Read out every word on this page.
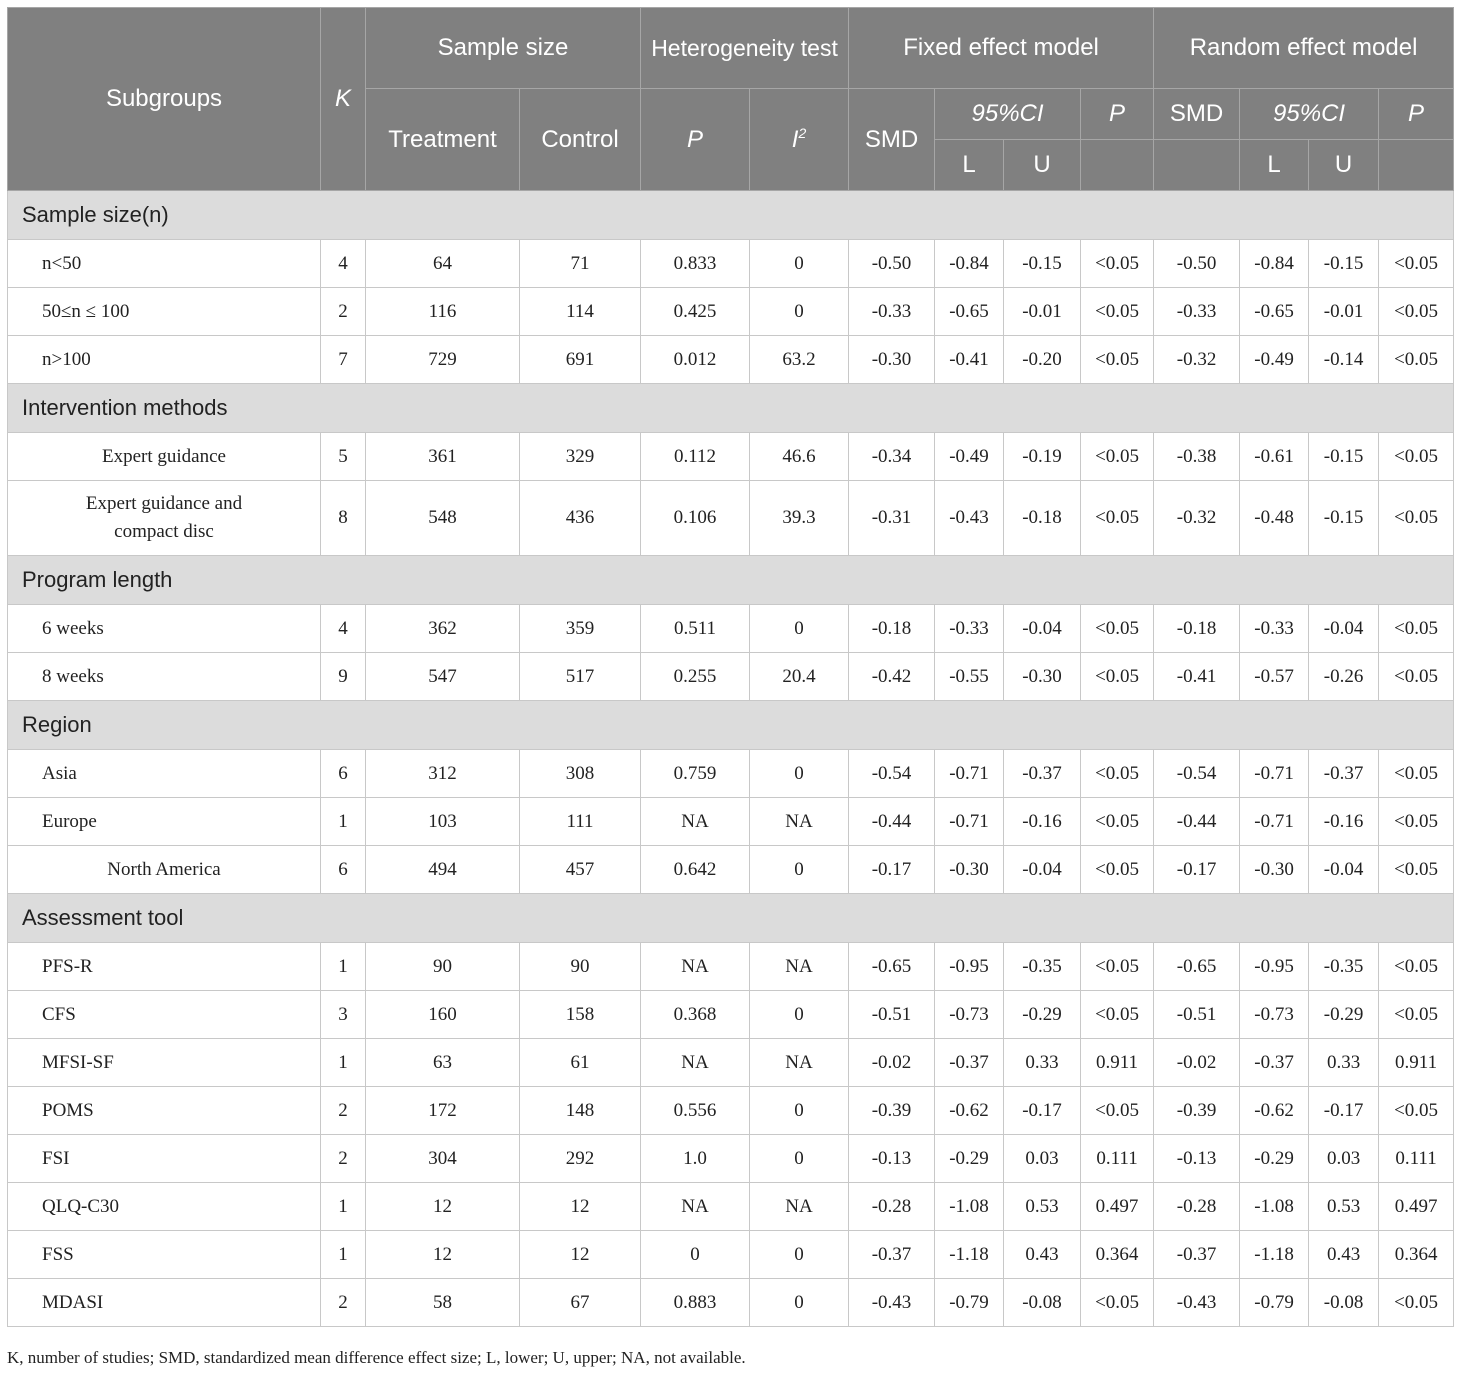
Subgroups	K	Sample size		Heterogeneity test		Fixed effect model				Random effect model			
		Treatment	Control	P	$I^2$	SMD	95%CI		P	SMD	95%CI		P
							L	U			L	U	
Sample size(n)													
n<50	4	64	71	0.833	0	-0.50	-0.84	-0.15	<0.05	-0.50	-0.84	-0.15	<0.05
50≤n ≤ 100	2	116	114	0.425	0	-0.33	-0.65	-0.01	<0.05	-0.33	-0.65	-0.01	<0.05
n>100	7	729	691	0.012	63.2	-0.30	-0.41	-0.20	<0.05	-0.32	-0.49	-0.14	<0.05
Intervention methods													
Expert guidance	5	361	329	0.112	46.6	-0.34	-0.49	-0.19	<0.05	-0.38	-0.61	-0.15	<0.05
Expert guidance and compact disc	8	548	436	0.106	39.3	-0.31	-0.43	-0.18	<0.05	-0.32	-0.48	-0.15	<0.05
Program length													
6 weeks	4	362	359	0.511	0	-0.18	-0.33	-0.04	<0.05	-0.18	-0.33	-0.04	<0.05
8 weeks	9	547	517	0.255	20.4	-0.42	-0.55	-0.30	<0.05	-0.41	-0.57	-0.26	<0.05
Region													
Asia	6	312	308	0.759	0	-0.54	-0.71	-0.37	<0.05	-0.54	-0.71	-0.37	<0.05
Europe	1	103	111	NA	NA	-0.44	-0.71	-0.16	<0.05	-0.44	-0.71	-0.16	<0.05
North America	6	494	457	0.642	0	-0.17	-0.30	-0.04	<0.05	-0.17	-0.30	-0.04	<0.05
Assessment tool													
PFS-R	1	90	90	NA	NA	-0.65	-0.95	-0.35	<0.05	-0.65	-0.95	-0.35	<0.05
CFS	3	160	158	0.368	0	-0.51	-0.73	-0.29	<0.05	-0.51	-0.73	-0.29	<0.05
MFSI-SF	1	63	61	NA	NA	-0.02	-0.37	0.33	0.911	-0.02	-0.37	0.33	0.911
POMS	2	172	148	0.556	0	-0.39	-0.62	-0.17	<0.05	-0.39	-0.62	-0.17	<0.05
FSI	2	304	292	1.0	0	-0.13	-0.29	0.03	0.111	-0.13	-0.29	0.03	0.111
QLQ-C30	1	12	12	NA	NA	-0.28	-1.08	0.53	0.497	-0.28	-1.08	0.53	0.497
FSS	1	12	12	0	0	-0.37	-1.18	0.43	0.364	-0.37	-1.18	0.43	0.364
MDASI	2	58	67	0.883	0	-0.43	-0.79	-0.08	<0.05	-0.43	-0.79	-0.08	<0.05
K, number of studies; SMD, standardized mean difference effect size; L, lower; U, upper; NA, not available.
